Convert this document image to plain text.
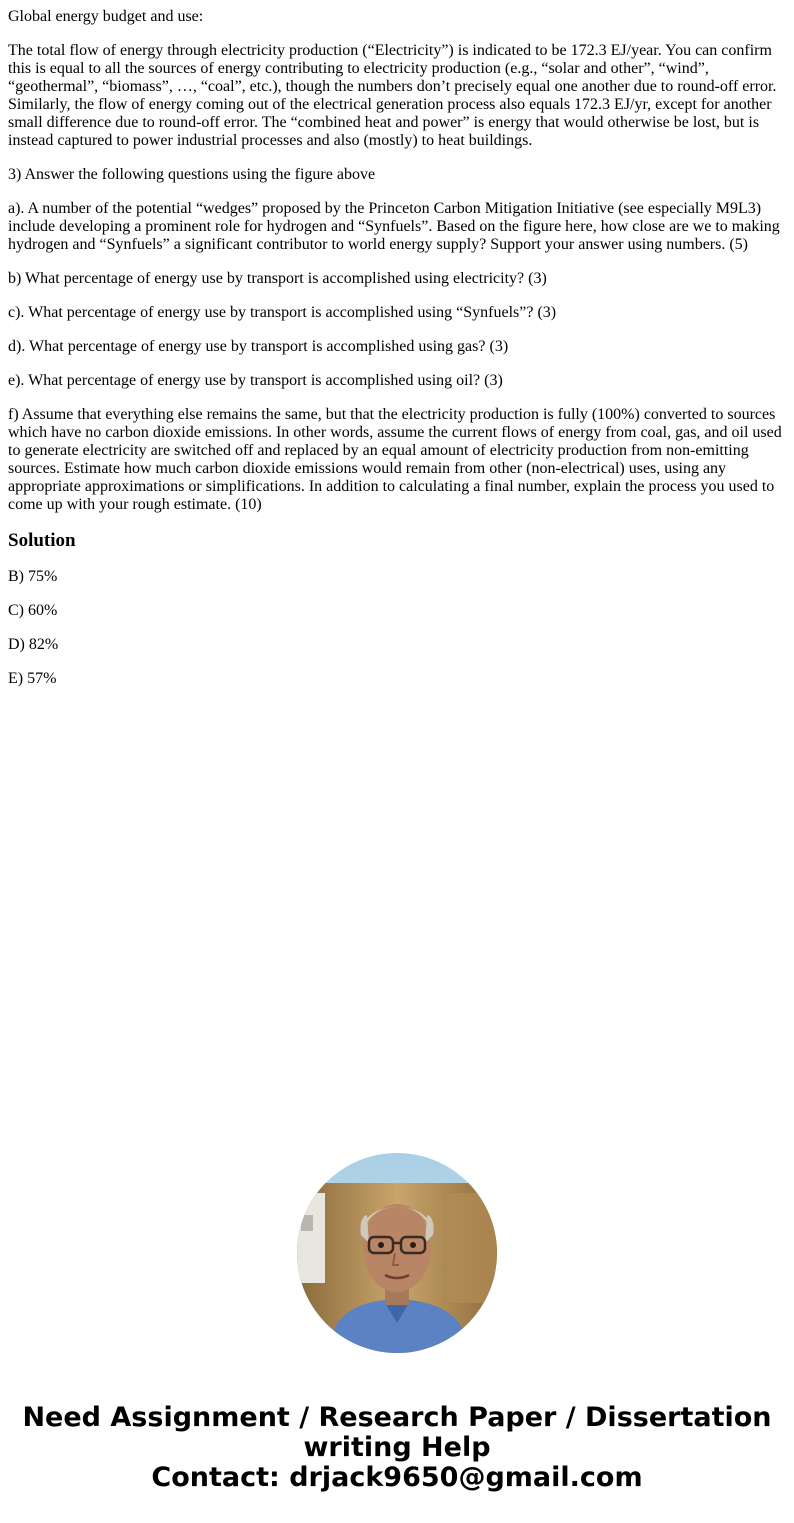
Global energy budget and use:

The total flow of energy through electricity production (“Electricity”) is indicated to be 172.3 EJ/year. You can confirm this is equal to all the sources of energy contributing to electricity production (e.g., “solar and other”, “wind”, “geothermal”, “biomass”, …, “coal”, etc.), though the numbers don’t precisely equal one another due to round-off error. Similarly, the flow of energy coming out of the electrical generation process also equals 172.3 EJ/yr, except for another small difference due to round-off error. The “combined heat and power” is energy that would otherwise be lost, but is instead captured to power industrial processes and also (mostly) to heat buildings.

3) Answer the following questions using the figure above

a). A number of the potential “wedges” proposed by the Princeton Carbon Mitigation Initiative (see especially M9L3) include developing a prominent role for hydrogen and “Synfuels”. Based on the figure here, how close are we to making hydrogen and “Synfuels” a significant contributor to world energy supply? Support your answer using numbers. (5)

b) What percentage of energy use by transport is accomplished using electricity? (3)

c). What percentage of energy use by transport is accomplished using “Synfuels”? (3)

d). What percentage of energy use by transport is accomplished using gas? (3)

e). What percentage of energy use by transport is accomplished using oil? (3)

f) Assume that everything else remains the same, but that the electricity production is fully (100%) converted to sources which have no carbon dioxide emissions. In other words, assume the current flows of energy from coal, gas, and oil used to generate electricity are switched off and replaced by an equal amount of electricity production from non-emitting sources. Estimate how much carbon dioxide emissions would remain from other (non-electrical) uses, using any appropriate approximations or simplifications. In addition to calculating a final number, explain the process you used to come up with your rough estimate. (10)

Solution

B) 75%

C) 60%

D) 82%

E) 57%

Need Assignment / Research Paper / Dissertation
writing Help
Contact: drjack9650@gmail.com
